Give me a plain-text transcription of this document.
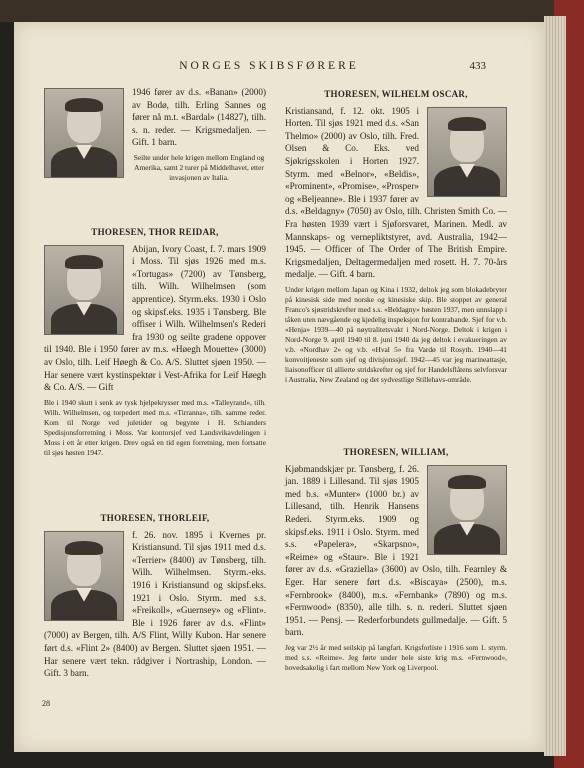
NORGES SKIBSFØRERE	433

1946 fører av d.s. «Banan» (2000) av Bodø, tilh. Erling Sannes og fører nå m.t. «Bardal» (14827), tilh. s. n. reder. — Krigsmedaljen. — Gift. 1 barn.

Seilte under hele krigen mellom England og Amerika, samt 2 turer på Middelhavet, etter invasjonen av Italia.
THORESEN, THOR REIDAR,

Abijan, Ivory Coast, f. 7. mars 1909 i Moss. Til sjøs 1926 med m.s. «Tortugas» (7200) av Tønsberg, tilh. Wilh. Wilhelmsen (som apprentice). Styrm.eks. 1930 i Oslo og skipsf.eks. 1935 i Tønsberg. Ble offiser i Wilh. Wilhelmsen's Rederi fra 1930 og seilte gradene oppover til 1940. Ble i 1950 fører av m.s. «Høegh Mouette» (3000) av Oslo, tilh. Leif Høegh & Co. A/S. Sluttet sjøen 1950. — Har senere vært kystinspektør i Vest-Afrika for Leif Høegh & Co. A/S. — Gift

Ble i 1940 skutt i senk av tysk hjelpekrysser med m.s. «Talleyrand», tilh. Wilh. Wilhelmsen, og torpedert med m.s. «Tirranna», tilh. samme reder. Kom til Norge ved juletider og begynte i H. Schianders Spedisjonsforretning i Moss. Var kontorsjef ved Landsvikavdelingen i Moss i ett år etter krigen. Drev også en tid egen forretning, men fortsatte til sjøs høsten 1947.
THORESEN, THORLEIF,

f. 26. nov. 1895 i Kvernes pr. Kristiansund. Til sjøs 1911 med d.s. «Terrier» (8400) av Tønsberg, tilh. Wilh. Wilhelmsen. Styrm.-eks. 1916 i Kristiansund og skipsf.eks. 1921 i Oslo. Styrm. med s.s. «Freikoll», «Guernsey» og «Flint». Ble i 1926 fører av d.s. «Flint» (7000) av Bergen, tilh. A/S Flint, Willy Kubon. Har senere ført d.s. «Flint 2» (8400) av Bergen. Sluttet sjøen 1951. — Har senere vært tekn. rådgiver i Nortraship, London. — Gift. 3 barn.

THORESEN, WILHELM OSCAR,

Kristiansand, f. 12. okt. 1905 i Horten. Til sjøs 1921 med d.s. «San Thelmo» (2000) av Oslo, tilh. Fred. Olsen & Co. Eks. ved Sjøkrigsskolen i Horten 1927. Styrm. med «Belnor», «Beldis», «Prominent», «Promise», «Prosper» og «Beljeanne». Ble i 1937 fører av d.s. «Beldagny» (7050) av Oslo, tilh. Christen Smith Co. — Fra høsten 1939 vært i Sjøforsvaret, Marinen. Medl. av Mannskaps- og vernepliktstyret, avd. Australia, 1942—1945. — Officer of The Order of The British Empire. Krigsmedaljen, Deltagermedaljen med rosett. H. 7. 70-års medalje. — Gift. 4 barn.

Under krigen mellom Japan og Kina i 1932, deltok jeg som blokadebryter på kinesisk side med norske og kinesiske skip. Ble stoppet av general Franco's sjøstridskrefter med s.s. «Beldagny» høsten 1937, men unnslapp i tåken uten nævgående og kjedelig inspeksjon for kontrabande. Sjef for v.b. «Henja» 1939—40 på nøytralitetsvakt i Nord-Norge. Deltok i krigen i Nord-Norge 9. april 1940 til 8. juni 1940 da jeg deltok i evakueringen av v.b. «Nordhav 2» og v.b. «Hval 5» fra Vardø til Rosyth. 1940—41 konvoitjeneste som sjef og divisjonssjef. 1942—45 var jeg marineattasje, liaisonofficer til allierte stridskrefter og sjef for Handelsflåtens selvforsvar i Australia, New Zealand og det sydvestlige Stillehavs-område.
THORESEN, WILLIAM,

Kjøbmandskjær pr. Tønsberg, f. 26. jan. 1889 i Lillesand. Til sjøs 1905 med b.s. «Munter» (1000 br.) av Lillesand, tilh. Henrik Hansens Rederi. Styrm.eks. 1909 og skipsf.eks. 1911 i Oslo. Styrm. med s.s. «Papelera», «Skarpsno», «Reime» og «Staur». Ble i 1921 fører av d.s. «Graziella» (3600) av Oslo, tilh. Fearnley & Eger. Har senere ført d.s. «Biscaya» (2500), m.s. «Fernbrook» (8400), m.s. «Fernbank» (7890) og m.s. «Fernwood» (8350), alle tilh. s. n. rederi. Sluttet sjøen 1951. — Pensj. — Rederforbundets gullmedalje. — Gift. 5 barn.

Jeg var 2½ år med seilskip på langfart. Krigsforliste i 1916 som 1. styrm. med s.s. «Reime». Jeg førte under hele siste krig m.s. «Fernwood», hovedsakelig i fart mellom New York og Liverpool.
28
